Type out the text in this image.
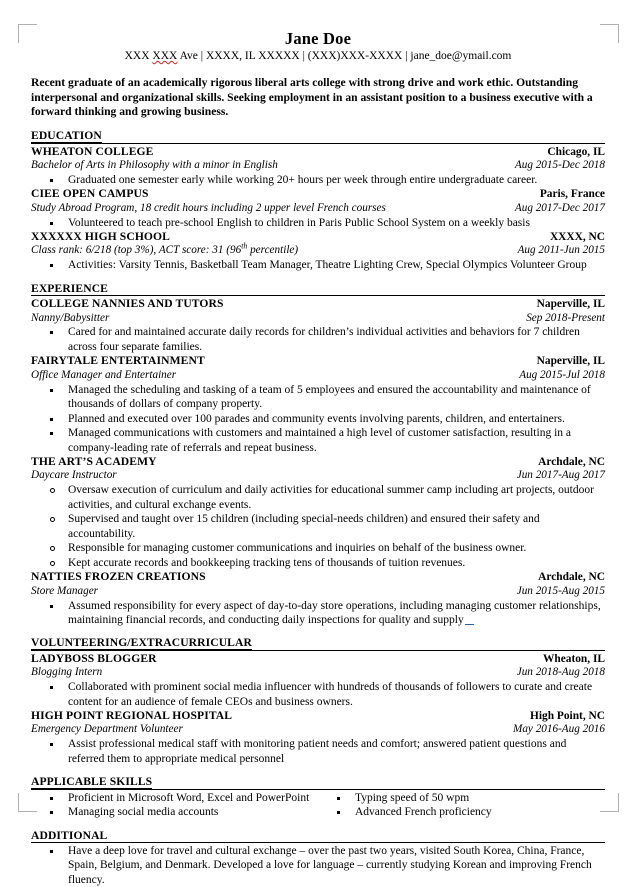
Jane Doe
XXX XXX Ave | XXXX, IL XXXXX | (XXX)XXX-XXXX | jane_doe@ymail.com
Recent graduate of an academically rigorous liberal arts college with strong drive and work ethic. Outstanding interpersonal and organizational skills. Seeking employment in an assistant position to a business executive with a forward thinking and growing business.
EDUCATION
WHEATON COLLEGE	Chicago, IL
Bachelor of Arts in Philosophy with a minor in English	Aug 2015-Dec 2018
Graduated one semester early while working 20+ hours per week through entire undergraduate career.
CIEE OPEN CAMPUS	Paris, France
Study Abroad Program, 18 credit hours including 2 upper level French courses	Aug 2017-Dec 2017
Volunteered to teach pre-school English to children in Paris Public School System on a weekly basis
XXXXXX HIGH SCHOOL	XXXX, NC
Class rank: 6/218 (top 3%), ACT score: 31 (96th percentile)	Aug 2011-Jun 2015
Activities: Varsity Tennis, Basketball Team Manager, Theatre Lighting Crew, Special Olympics Volunteer Group
EXPERIENCE
COLLEGE NANNIES AND TUTORS	Naperville, IL
Nanny/Babysitter	Sep 2018-Present
Cared for and maintained accurate daily records for children’s individual activities and behaviors for 7 children across four separate families.
FAIRYTALE ENTERTAINMENT	Naperville, IL
Office Manager and Entertainer	Aug 2015-Jul 2018
Managed the scheduling and tasking of a team of 5 employees and ensured the accountability and maintenance of thousands of dollars of company property.
Planned and executed over 100 parades and community events involving parents, children, and entertainers.
Managed communications with customers and maintained a high level of customer satisfaction, resulting in a company-leading rate of referrals and repeat business.
THE ART’S ACADEMY	Archdale, NC
Daycare Instructor	Jun 2017-Aug 2017
Oversaw execution of curriculum and daily activities for educational summer camp including art projects, outdoor activities, and cultural exchange events.
Supervised and taught over 15 children (including special-needs children) and ensured their safety and accountability.
Responsible for managing customer communications and inquiries on behalf of the business owner.
Kept accurate records and bookkeeping tracking tens of thousands of tuition revenues.
NATTIES FROZEN CREATIONS	Archdale, NC
Store Manager	Jun 2015-Aug 2015
Assumed responsibility for every aspect of day-to-day store operations, including managing customer relationships, maintaining financial records, and conducting daily inspections for quality and supply
VOLUNTEERING/EXTRACURRICULAR
LADYBOSS BLOGGER	Wheaton, IL
Blogging Intern	Jun 2018-Aug 2018
Collaborated with prominent social media influencer with hundreds of thousands of followers to curate and create content for an audience of female CEOs and business owners.
HIGH POINT REGIONAL HOSPITAL	High Point, NC
Emergency Department Volunteer	May 2016-Aug 2016
Assist professional medical staff with monitoring patient needs and comfort; answered patient questions and referred them to appropriate medical personnel
APPLICABLE SKILLS
Proficient in Microsoft Word, Excel and PowerPoint
Managing social media accounts
Typing speed of 50 wpm
Advanced French proficiency
ADDITIONAL
Have a deep love for travel and cultural exchange – over the past two years, visited South Korea, China, France, Spain, Belgium, and Denmark. Developed a love for language – currently studying Korean and improving French fluency.
